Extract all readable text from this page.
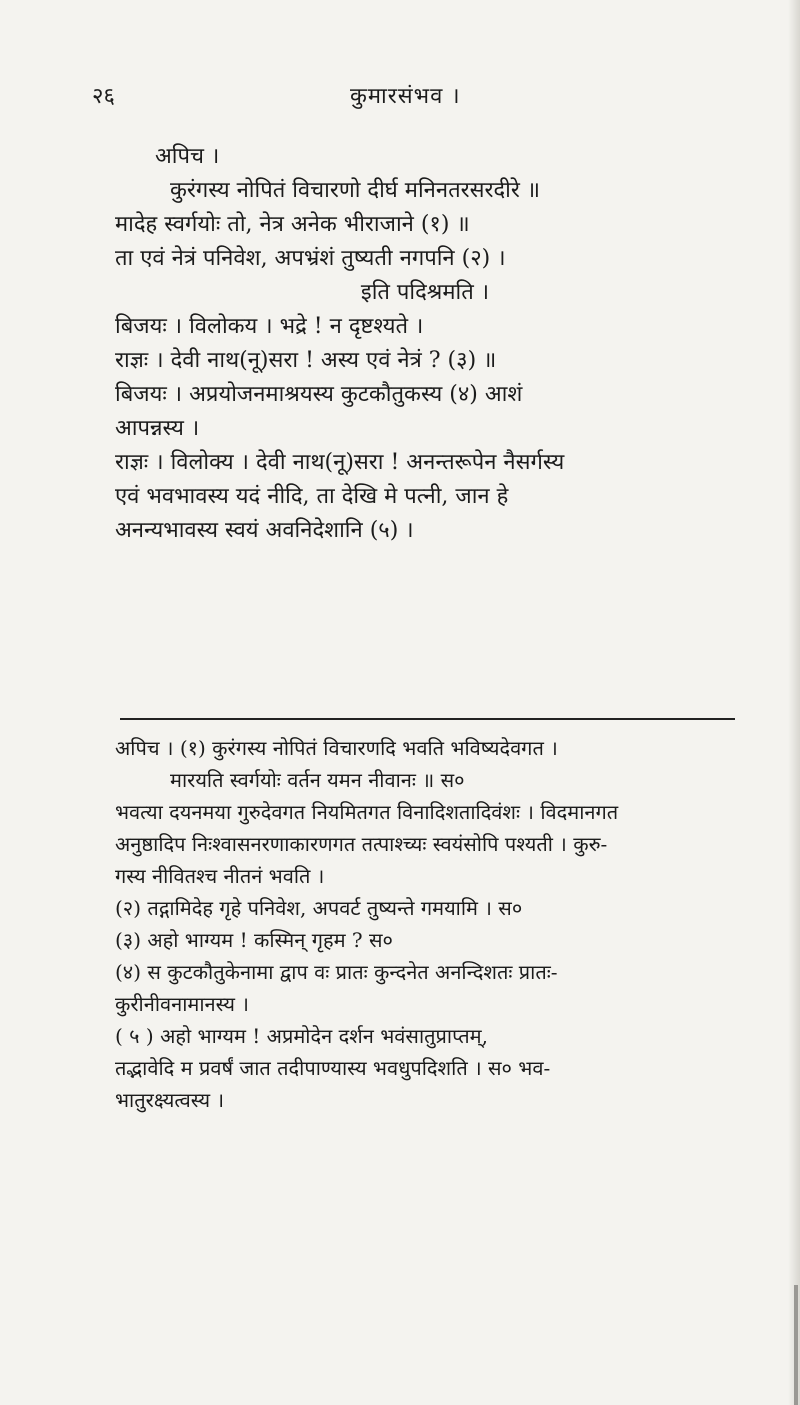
२६	कुमारसंभव ।
अपिच ।
कुरंगस्य नोपितं विचारणो दीर्घ मनिनतरसरदीरे ॥
मादेह स्वर्गयोः तो, नेत्र अनेक भीराजाने (१) ॥
ता एवं नेत्रं पनिवेश, अपभ्रंशं तुष्यती नगपनि (२) ।
इति पदिश्रमति ।
बिजयः । विलोकय । भद्रे ! न दृष्टश्यते ।
राज्ञः । देवी नाथ(नू)सरा ! अस्य एवं नेत्रं ? (३) ॥
बिजयः । अप्रयोजनमाश्रयस्य कुटकौतुकस्य (४) आशं
आपन्नस्य ।
राज्ञः । विलोक्य । देवी नाथ(नू)सरा ! अनन्तरूपेन नैसर्गस्य
एवं भवभावस्य यदं नीदि, ता देखि मे पत्नी, जान हे
अनन्यभावस्य स्वयं अवनिदेशानि (५) ।
अपिच । (१) कुरंगस्य नोपितं विचारणदि भवति भविष्यदेवगत ।
मारयति स्वर्गयोः वर्तन यमन नीवानः ॥ स०
भवत्या दयनमया गुरुदेवगत नियमितगत विनादिशतादिवंशः । विदमानगत
अनुष्ठादिप निःश्वासनरणाकारणगत तत्पाश्च्यः स्वयंसोपि पश्यती । कुरु-
गस्य नीवितश्च नीतनं भवति ।
(२) तद्गामिदेह गृहे पनिवेश, अपवर्ट तुष्यन्ते गमयामि । स०
(३) अहो भाग्यम ! कस्मिन् गृहम ? स०
(४) स कुटकौतुकेनामा द्वाप वः प्रातः कुन्दनेत अनन्दिशतः प्रातः-
कुरीनीवनामानस्य ।
( ५ ) अहो भाग्यम ! अप्रमोदेन दर्शन भवंसातुप्राप्तम्,
तद्भावेदि म प्रवर्षं जात तदीपाण्यास्य भवधुपदिशति । स० भव-
भातुरक्ष्यत्वस्य ।
